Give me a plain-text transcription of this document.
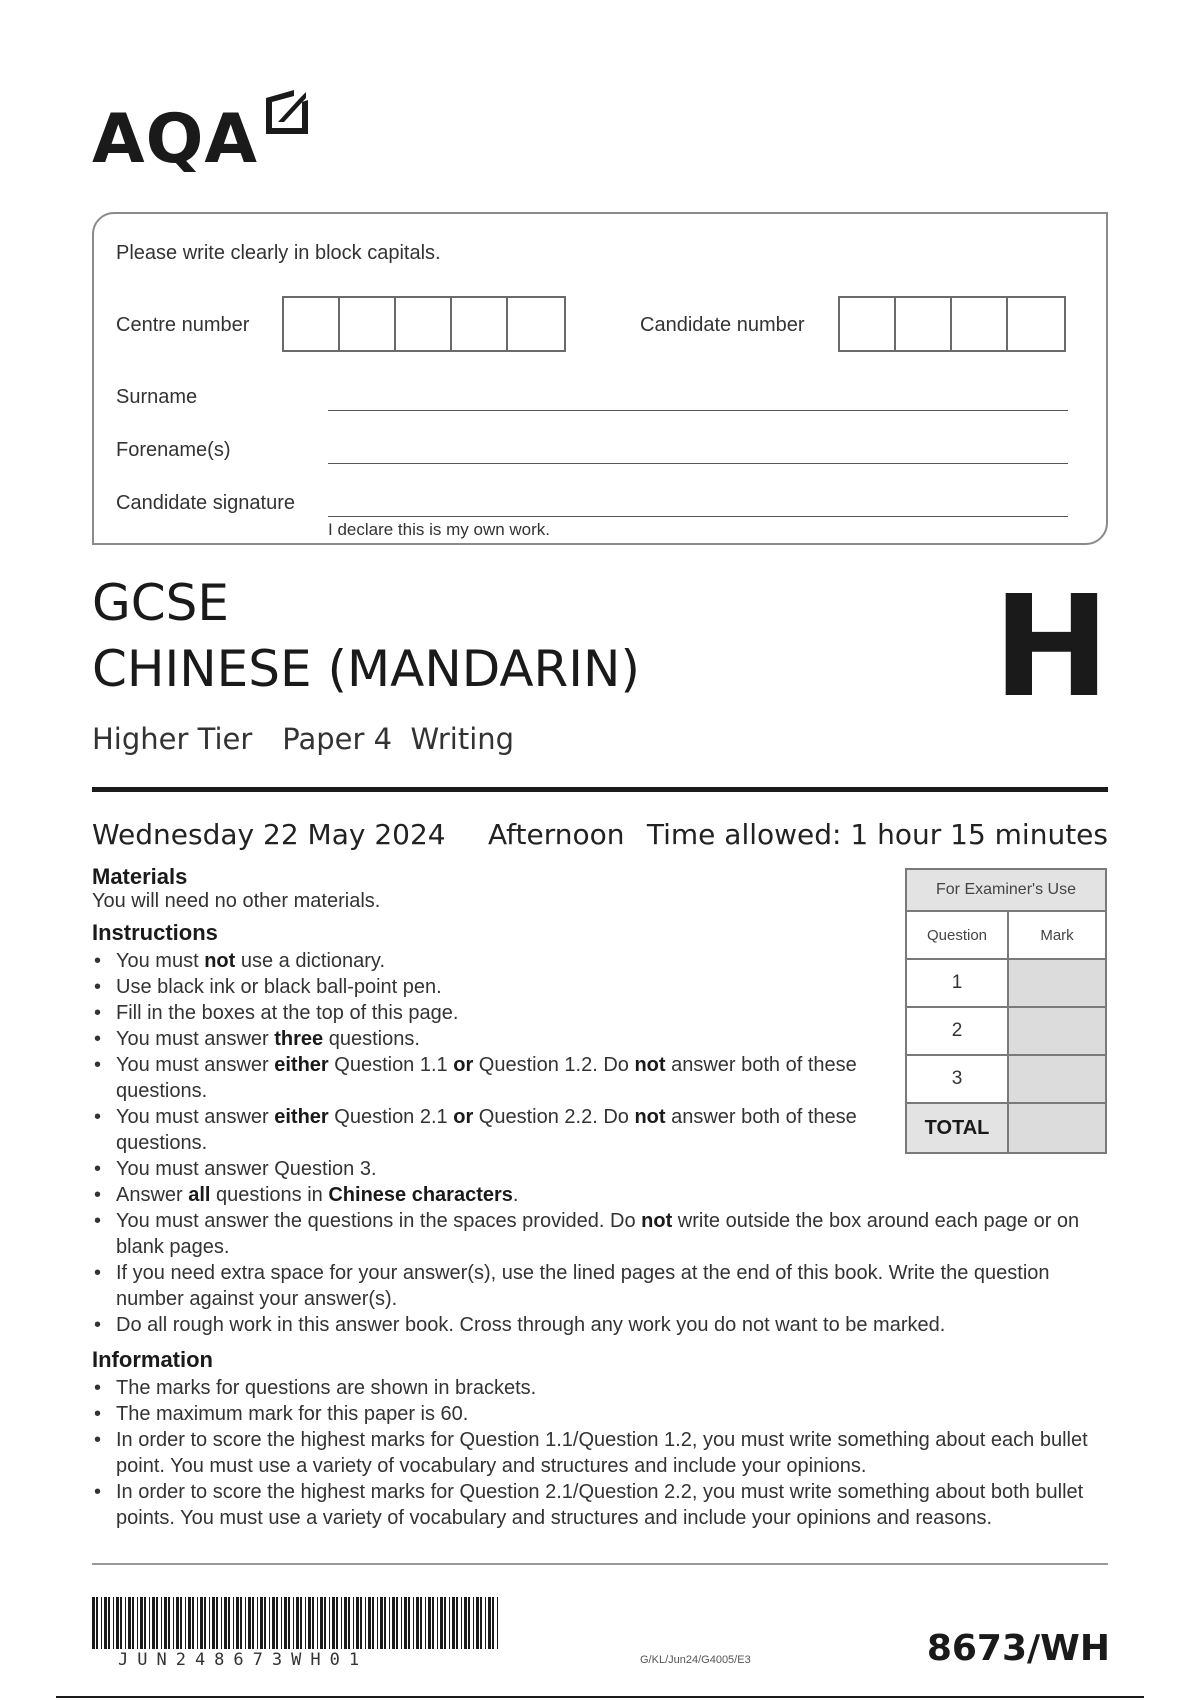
AQA
Please write clearly in block capitals.
Centre number	Candidate number
Surname
Forename(s)
Candidate signature
I declare this is my own work.
GCSE
CHINESE (MANDARIN)
Higher Tier Paper 4  Writing
H
Wednesday 22 May 2024 Afternoon Time allowed: 1 hour 15 minutes
Materials
You will need no other materials.
Instructions
• You must not use a dictionary.
• Use black ink or black ball-point pen.
• Fill in the boxes at the top of this page.
• You must answer three questions.
• You must answer either Question 1.1 or Question 1.2. Do not answer both of these questions.
• You must answer either Question 2.1 or Question 2.2. Do not answer both of these questions.
• You must answer Question 3.
• Answer all questions in Chinese characters.
• You must answer the questions in the spaces provided. Do not write outside the box around each page or on blank pages.
• If you need extra space for your answer(s), use the lined pages at the end of this book. Write the question number against your answer(s).
• Do all rough work in this answer book. Cross through any work you do not want to be marked.
Information
• The marks for questions are shown in brackets.
• The maximum mark for this paper is 60.
• In order to score the highest marks for Question 1.1/Question 1.2, you must write something about each bullet point. You must use a variety of vocabulary and structures and include your opinions.
• In order to score the highest marks for Question 2.1/Question 2.2, you must write something about both bullet points. You must use a variety of vocabulary and structures and include your opinions and reasons.
For Examiner's Use	
Question	Mark
1	
2	
3	
TOTAL	
JUN248673WH01	G/KL/Jun24/G4005/E3	8673/WH
